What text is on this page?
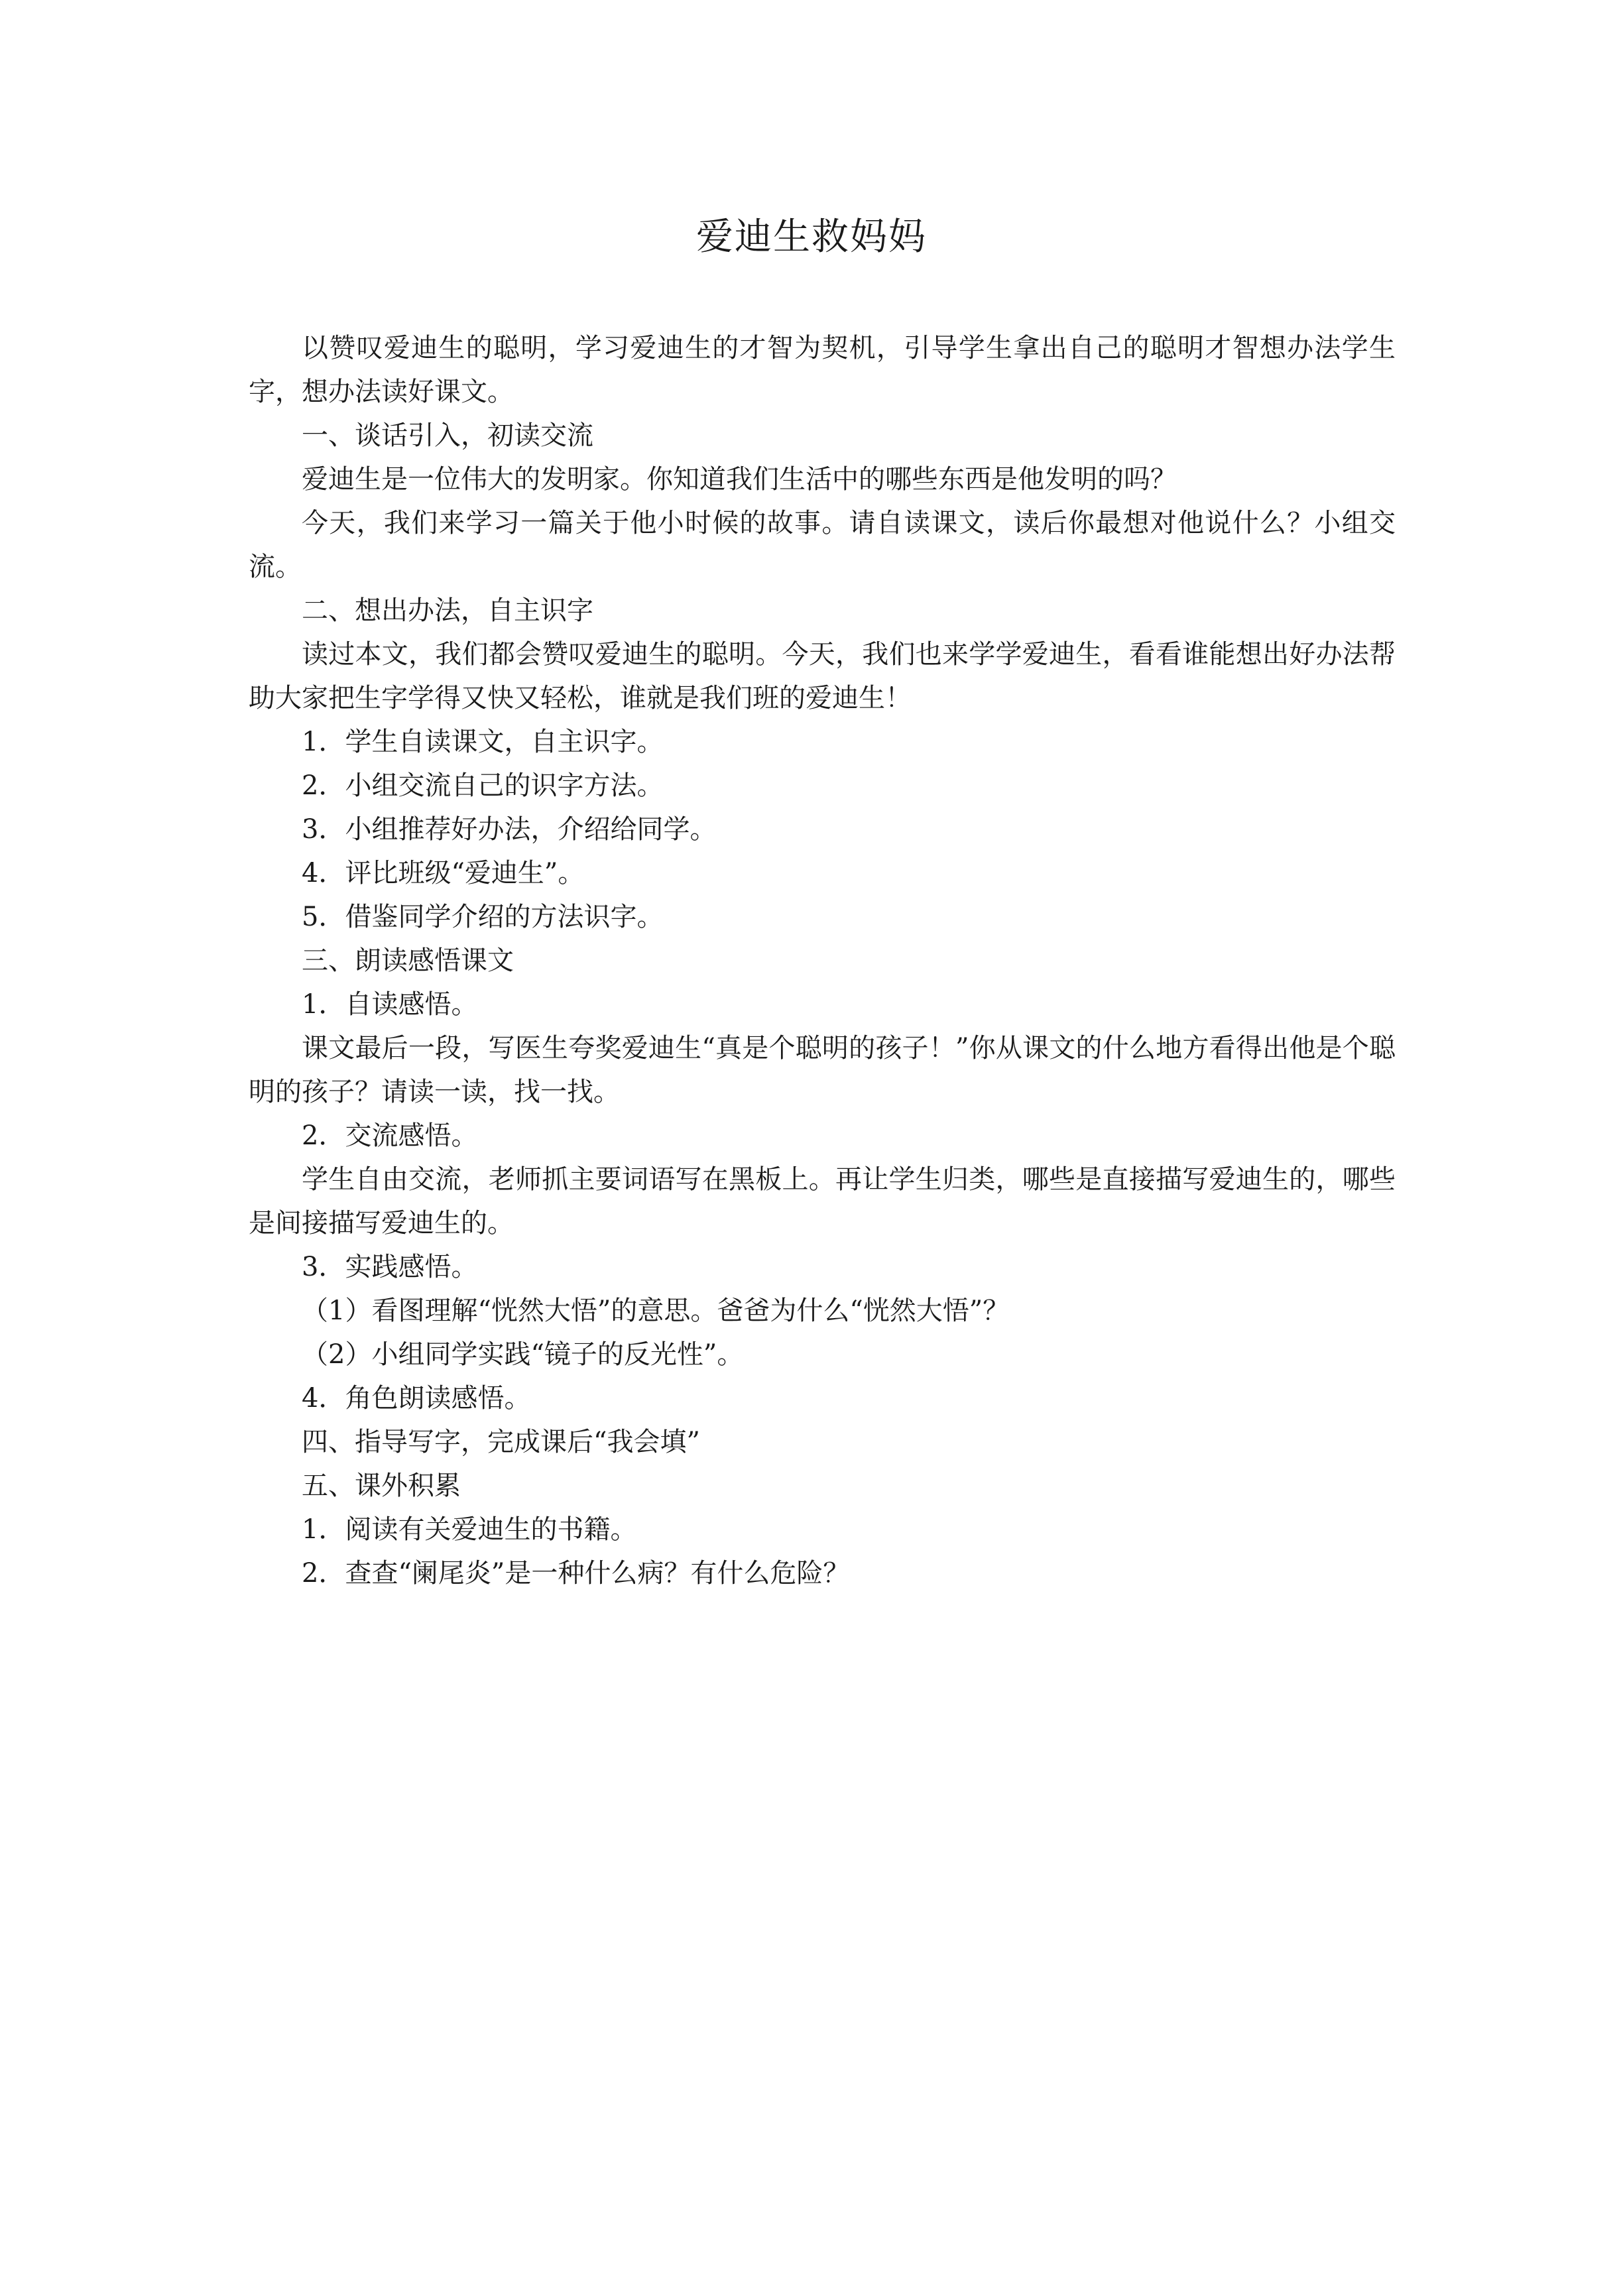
爱迪生救妈妈

以赞叹爱迪生的聪明，学习爱迪生的才智为契机，引导学生拿出自己的聪明才智想办法学生字，想办法读好课文。

一、谈话引入，初读交流

爱迪生是一位伟大的发明家。你知道我们生活中的哪些东西是他发明的吗？

今天，我们来学习一篇关于他小时候的故事。请自读课文，读后你最想对他说什么？小组交流。

二、想出办法，自主识字

读过本文，我们都会赞叹爱迪生的聪明。今天，我们也来学学爱迪生，看看谁能想出好办法帮助大家把生字学得又快又轻松，谁就是我们班的爱迪生！

1．学生自读课文，自主识字。

2．小组交流自己的识字方法。

3．小组推荐好办法，介绍给同学。

4．评比班级“爱迪生”。

5．借鉴同学介绍的方法识字。

三、朗读感悟课文

1．自读感悟。

课文最后一段，写医生夸奖爱迪生“真是个聪明的孩子！”你从课文的什么地方看得出他是个聪明的孩子？请读一读，找一找。

2．交流感悟。

学生自由交流，老师抓主要词语写在黑板上。再让学生归类，哪些是直接描写爱迪生的，哪些是间接描写爱迪生的。

3．实践感悟。

（1）看图理解“恍然大悟”的意思。爸爸为什么“恍然大悟”？

（2）小组同学实践“镜子的反光性”。

4．角色朗读感悟。

四、指导写字，完成课后“我会填”

五、课外积累

1．阅读有关爱迪生的书籍。

2．查查“阑尾炎”是一种什么病？有什么危险？
